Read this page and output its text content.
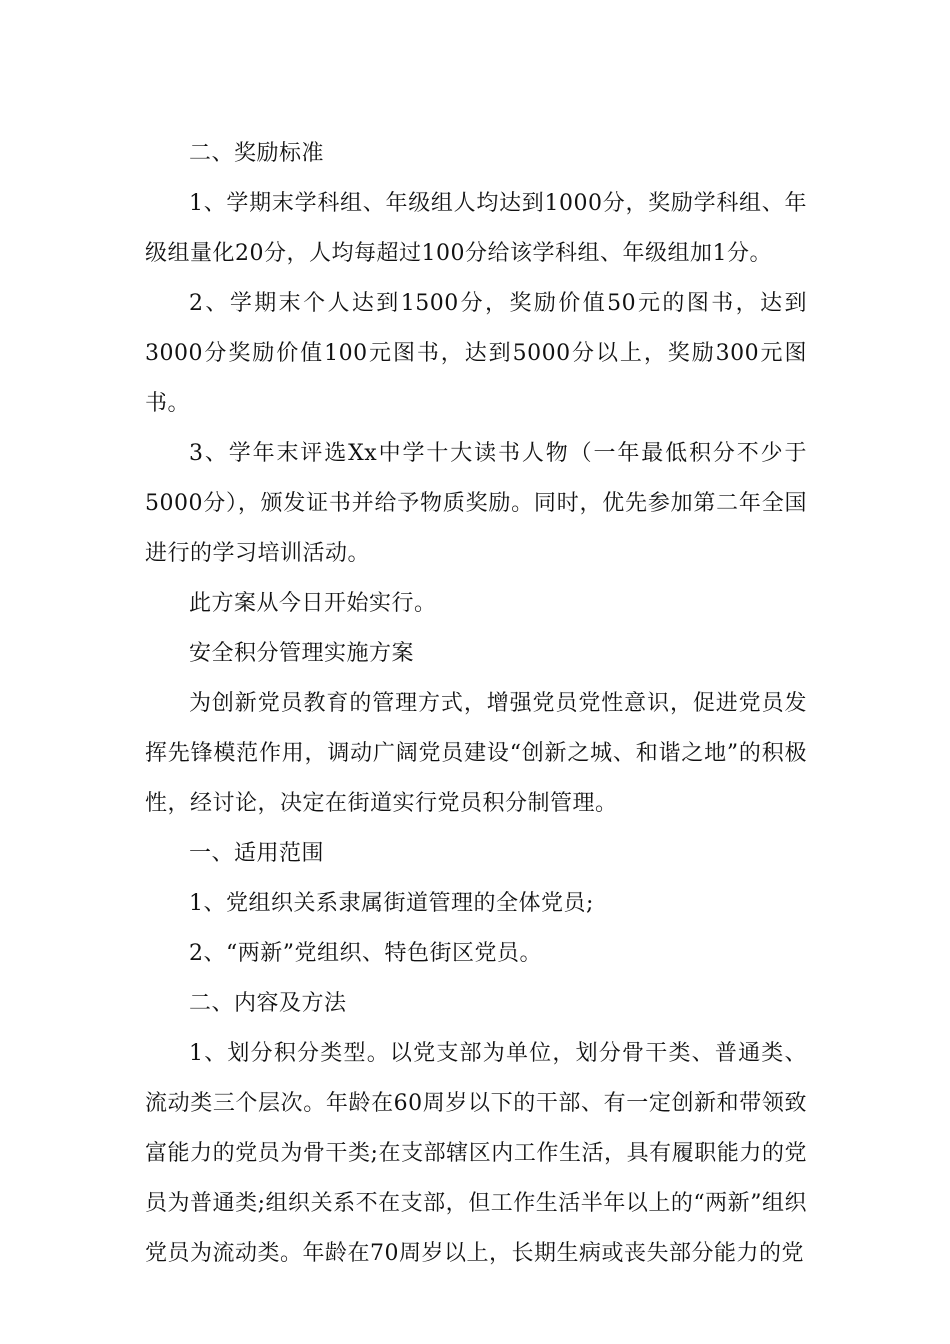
二、奖励标准

1、学期末学科组、年级组人均达到1000分，奖励学科组、年级组量化20分，人均每超过100分给该学科组、年级组加1分。

2、学期末个人达到1500分，奖励价值50元的图书，达到3000分奖励价值100元图书，达到5000分以上，奖励300元图书。

3、学年末评选Xx中学十大读书人物（一年最低积分不少于5000分），颁发证书并给予物质奖励。同时，优先参加第二年全国进行的学习培训活动。

此方案从今日开始实行。

安全积分管理实施方案

为创新党员教育的管理方式，增强党员党性意识，促进党员发挥先锋模范作用，调动广阔党员建设“创新之城、和谐之地”的积极性，经讨论，决定在街道实行党员积分制管理。

一、适用范围

1、党组织关系隶属街道管理的全体党员;

2、“两新”党组织、特色街区党员。

二、内容及方法

1、划分积分类型。以党支部为单位，划分骨干类、普通类、流动类三个层次。年龄在60周岁以下的干部、有一定创新和带领致富能力的党员为骨干类;在支部辖区内工作生活，具有履职能力的党员为普通类;组织关系不在支部，但工作生活半年以上的“两新”组织党员为流动类。年龄在70周岁以上，长期生病或丧失部分能力的党
